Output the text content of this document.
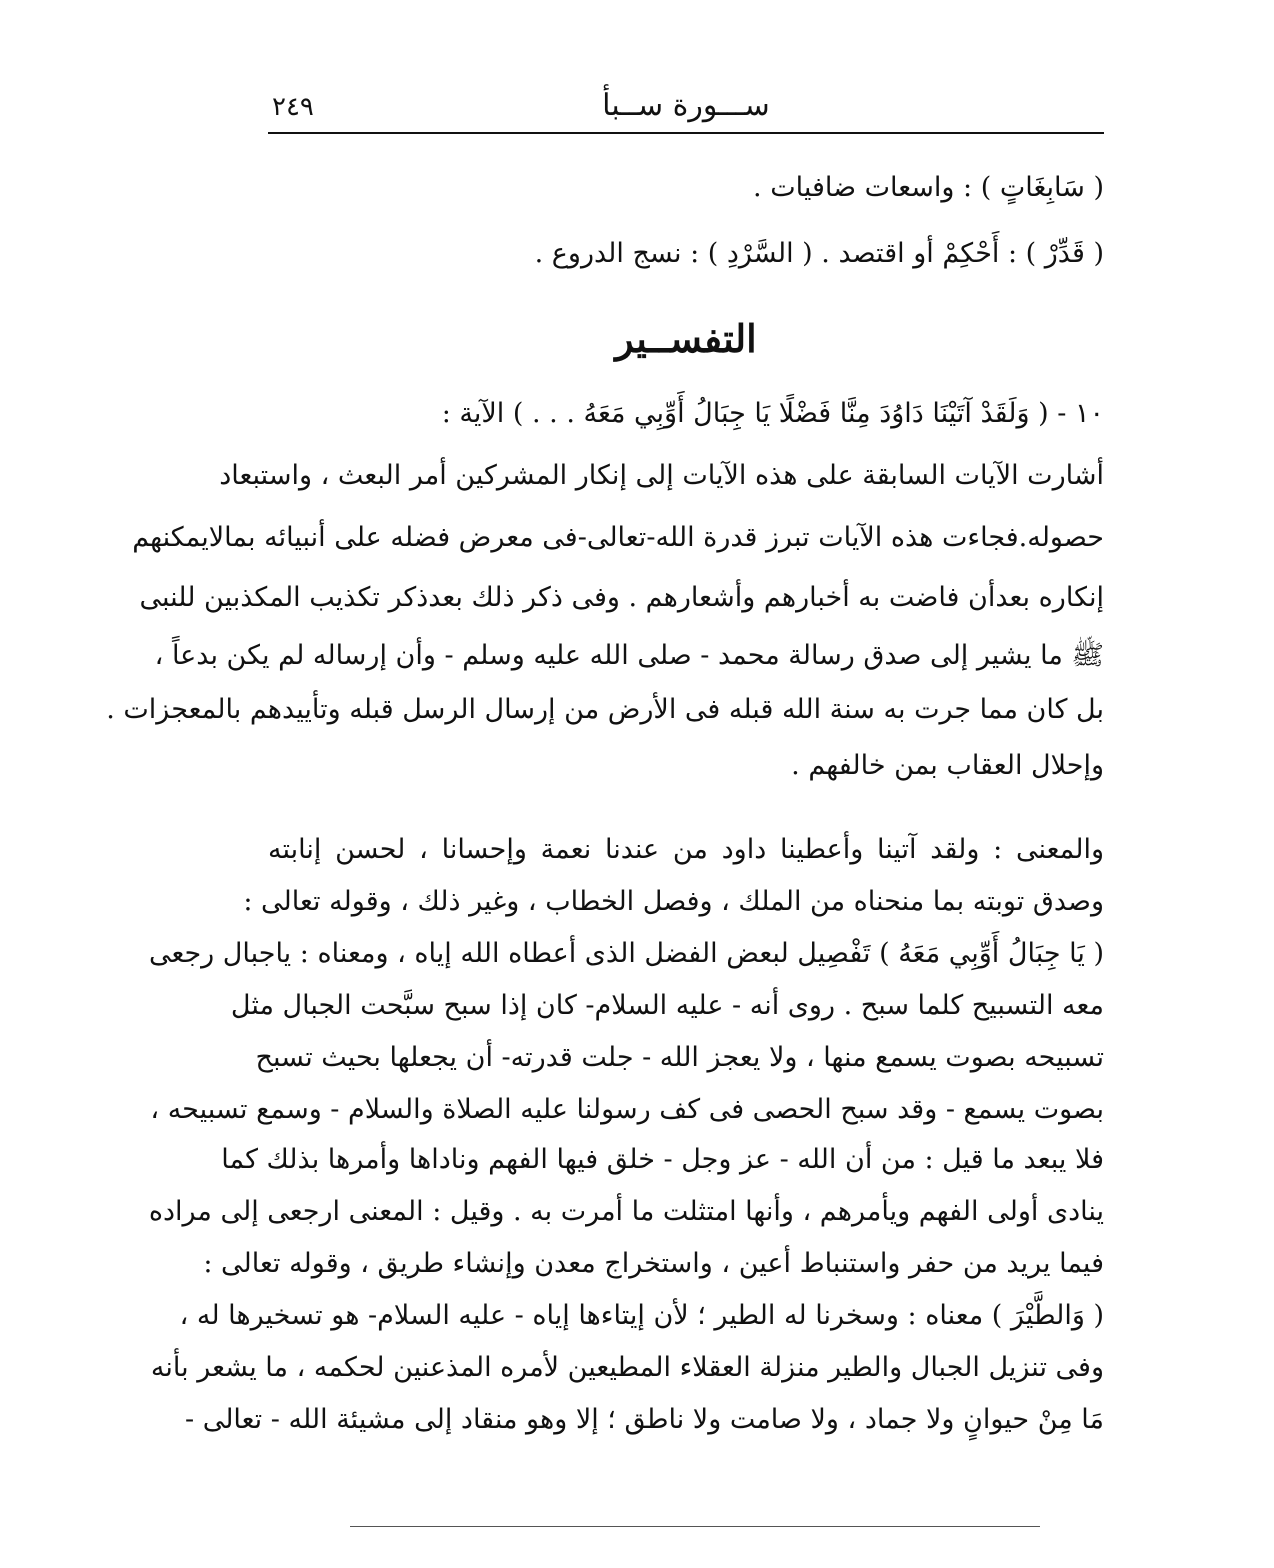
ســـورة ســبأ
٢٤٩
( سَابِغَاتٍ ) : واسعات ضافيات .
( قَدِّرْ ) : أَحْكِمْ أو اقتصد . ( السَّرْدِ ) : نسج الدروع .
التفســير
١٠ - ( وَلَقَدْ آتَيْنَا دَاوُدَ مِنَّا فَضْلًا يَا جِبَالُ أَوِّبِي مَعَهُ . . . ) الآية :
أشارت الآيات السابقة على هذه الآيات إلى إنكار المشركين أمر البعث ، واستبعاد
حصوله.فجاءت هذه الآيات تبرز قدرة الله-تعالى-فى معرض فضله على أنبيائه بمالايمكنهم
إنكاره بعدأن فاضت به أخبارهم وأشعارهم . وفى ذكر ذلك بعدذكر تكذيب المكذبين للنبى
ﷺ ما يشير إلى صدق رسالة محمد - صلى الله عليه وسلم - وأن إرساله لم يكن بدعاً ،
بل كان مما جرت به سنة الله قبله فى الأرض من إرسال الرسل قبله وتأييدهم بالمعجزات .
وإحلال العقاب بمن خالفهم .
والمعنى : ولقد آتينا وأعطينا داود من عندنا نعمة وإحسانا ، لحسن إنابته
وصدق توبته بما منحناه من الملك ، وفصل الخطاب ، وغير ذلك ، وقوله تعالى :
( يَا جِبَالُ أَوِّبِي مَعَهُ ) تَفْصِيل لبعض الفضل الذى أعطاه الله إياه ، ومعناه : ياجبال رجعى
معه التسبيح كلما سبح . روى أنه - عليه السلام- كان إذا سبح سبَّحت الجبال مثل
تسبيحه بصوت يسمع منها ، ولا يعجز الله - جلت قدرته- أن يجعلها بحيث تسبح
بصوت يسمع - وقد سبح الحصى فى كف رسولنا عليه الصلاة والسلام - وسمع تسبيحه ،
فلا يبعد ما قيل : من أن الله - عز وجل - خلق فيها الفهم وناداها وأمرها بذلك كما
ينادى أولى الفهم ويأمرهم ، وأنها امتثلت ما أمرت به . وقيل : المعنى ارجعى إلى مراده
فيما يريد من حفر واستنباط أعين ، واستخراج معدن وإنشاء طريق ، وقوله تعالى :
( وَالطَّيْرَ ) معناه : وسخرنا له الطير ؛ لأن إيتاءها إياه - عليه السلام- هو تسخيرها له ،
وفى تنزيل الجبال والطير منزلة العقلاء المطيعين لأمره المذعنين لحكمه ، ما يشعر بأنه
مَا مِنْ حيوانٍ ولا جماد ، ولا صامت ولا ناطق ؛ إلا وهو منقاد إلى مشيئة الله - تعالى -
